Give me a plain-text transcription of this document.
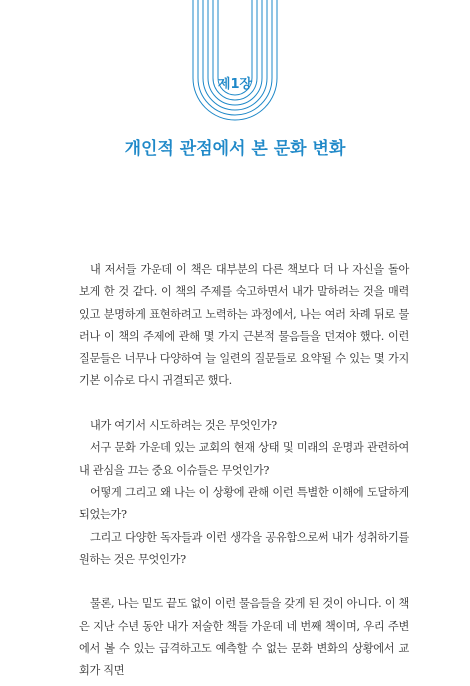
제1장
개인적 관점에서 본 문화 변화

내 저서들 가운데 이 책은 대부분의 다른 책보다 더 나 자신을 돌아보게 한 것 같다. 이 책의 주제를 숙고하면서 내가 말하려는 것을 매력 있고 분명하게 표현하려고 노력하는 과정에서, 나는 여러 차례 뒤로 물러나 이 책의 주제에 관해 몇 가지 근본적 물음들을 던져야 했다. 이런 질문들은 너무나 다양하여 늘 일련의 질문들로 요약될 수 있는 몇 가지 기본 이슈로 다시 귀결되곤 했다.

내가 여기서 시도하려는 것은 무엇인가?

서구 문화 가운데 있는 교회의 현재 상태 및 미래의 운명과 관련하여 내 관심을 끄는 중요 이슈들은 무엇인가?

어떻게 그리고 왜 나는 이 상황에 관해 이런 특별한 이해에 도달하게 되었는가?

그리고 다양한 독자들과 이런 생각을 공유함으로써 내가 성취하기를 원하는 것은 무엇인가?

물론, 나는 밑도 끝도 없이 이런 물음들을 갖게 된 것이 아니다. 이 책은 지난 수년 동안 내가 저술한 책들 가운데 네 번째 책이며, 우리 주변에서 볼 수 있는 급격하고도 예측할 수 없는 문화 변화의 상황에서 교회가 직면
